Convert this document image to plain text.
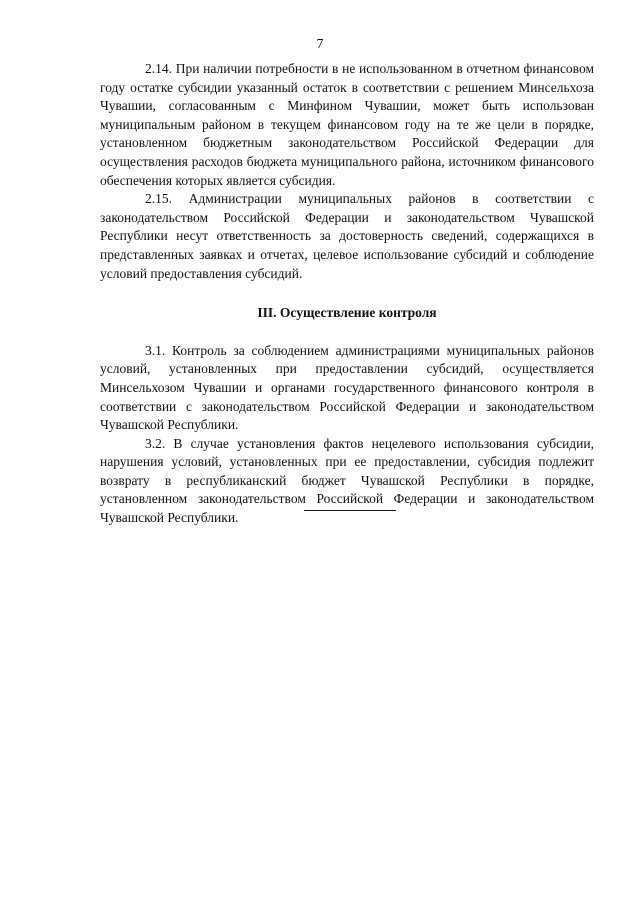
7

2.14. При наличии потребности в не использованном в отчетном финансовом году остатке субсидии указанный остаток в соответствии с решением Минсельхоза Чувашии, согласованным с Минфином Чувашии, может быть использован муниципальным районом в текущем финансовом году на те же цели в порядке, установленном бюджетным законодательством Российской Федерации для осуществления расходов бюджета муниципального района, источником финансового обеспечения которых является субсидия.

2.15. Администрации муниципальных районов в соответствии с законодательством Российской Федерации и законодательством Чувашской Республики несут ответственность за достоверность сведений, содержащихся в представленных заявках и отчетах, целевое использование субсидий и соблюдение условий предоставления субсидий.

III. Осуществление контроля

3.1. Контроль за соблюдением администрациями муниципальных районов условий, установленных при предоставлении субсидий, осуществляется Минсельхозом Чувашии и органами государственного финансового контроля в соответствии с законодательством Российской Федерации и законодательством Чувашской Республики.

3.2. В случае установления фактов нецелевого использования субсидии, нарушения условий, установленных при ее предоставлении, субсидия подлежит возврату в республиканский бюджет Чувашской Республики в порядке, установленном законодательством Российской Федерации и законодательством Чувашской Республики.
